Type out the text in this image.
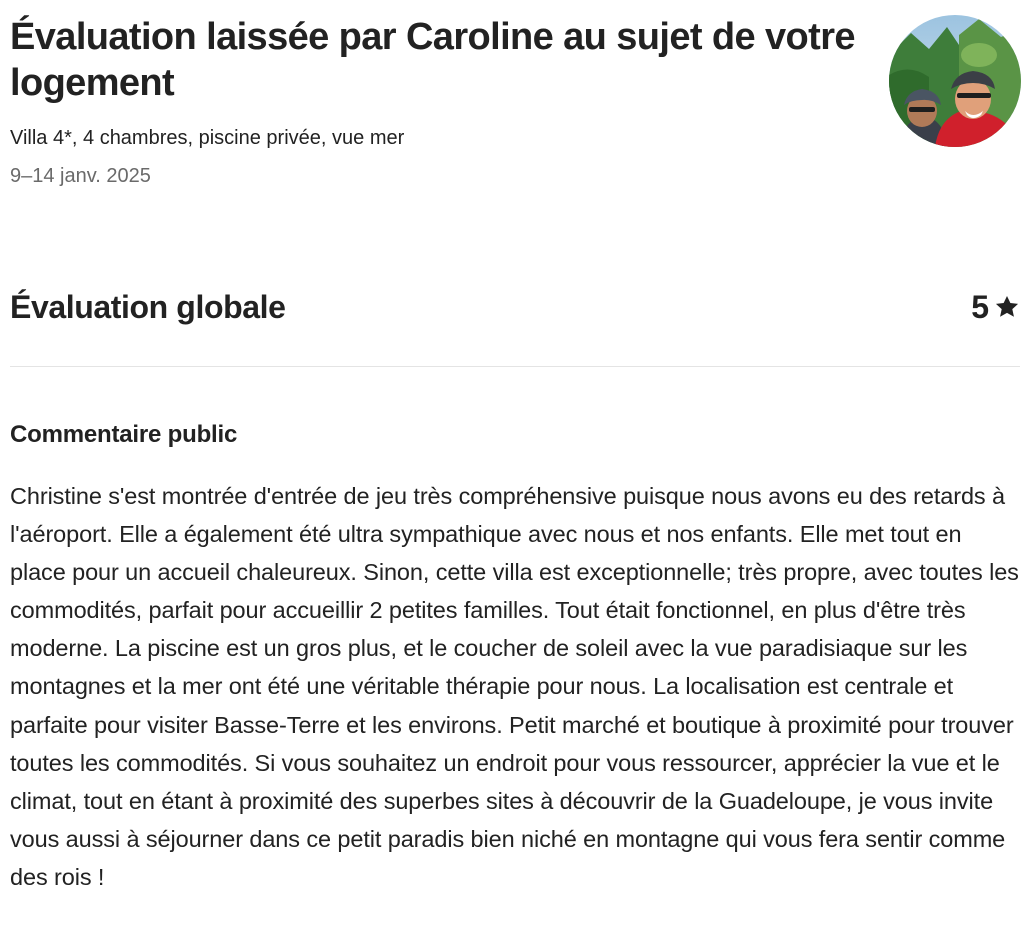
Évaluation laissée par Caroline au sujet de votre logement
Villa 4*, 4 chambres, piscine privée, vue mer
9–14 janv. 2025
Évaluation globale	5
Commentaire public

Christine s'est montrée d'entrée de jeu très compréhensive puisque nous avons eu des retards à l'aéroport. Elle a également été ultra sympathique avec nous et nos enfants. Elle met tout en place pour un accueil chaleureux. Sinon, cette villa est exceptionnelle; très propre, avec toutes les commodités, parfait pour accueillir 2 petites familles. Tout était fonctionnel, en plus d'être très moderne. La piscine est un gros plus, et le coucher de soleil avec la vue paradisiaque sur les montagnes et la mer ont été une véritable thérapie pour nous. La localisation est centrale et parfaite pour visiter Basse-Terre et les environs. Petit marché et boutique à proximité pour trouver toutes les commodités. Si vous souhaitez un endroit pour vous ressourcer, apprécier la vue et le climat, tout en étant à proximité des superbes sites à découvrir de la Guadeloupe, je vous invite vous aussi à séjourner dans ce petit paradis bien niché en montagne qui vous fera sentir comme des rois !
